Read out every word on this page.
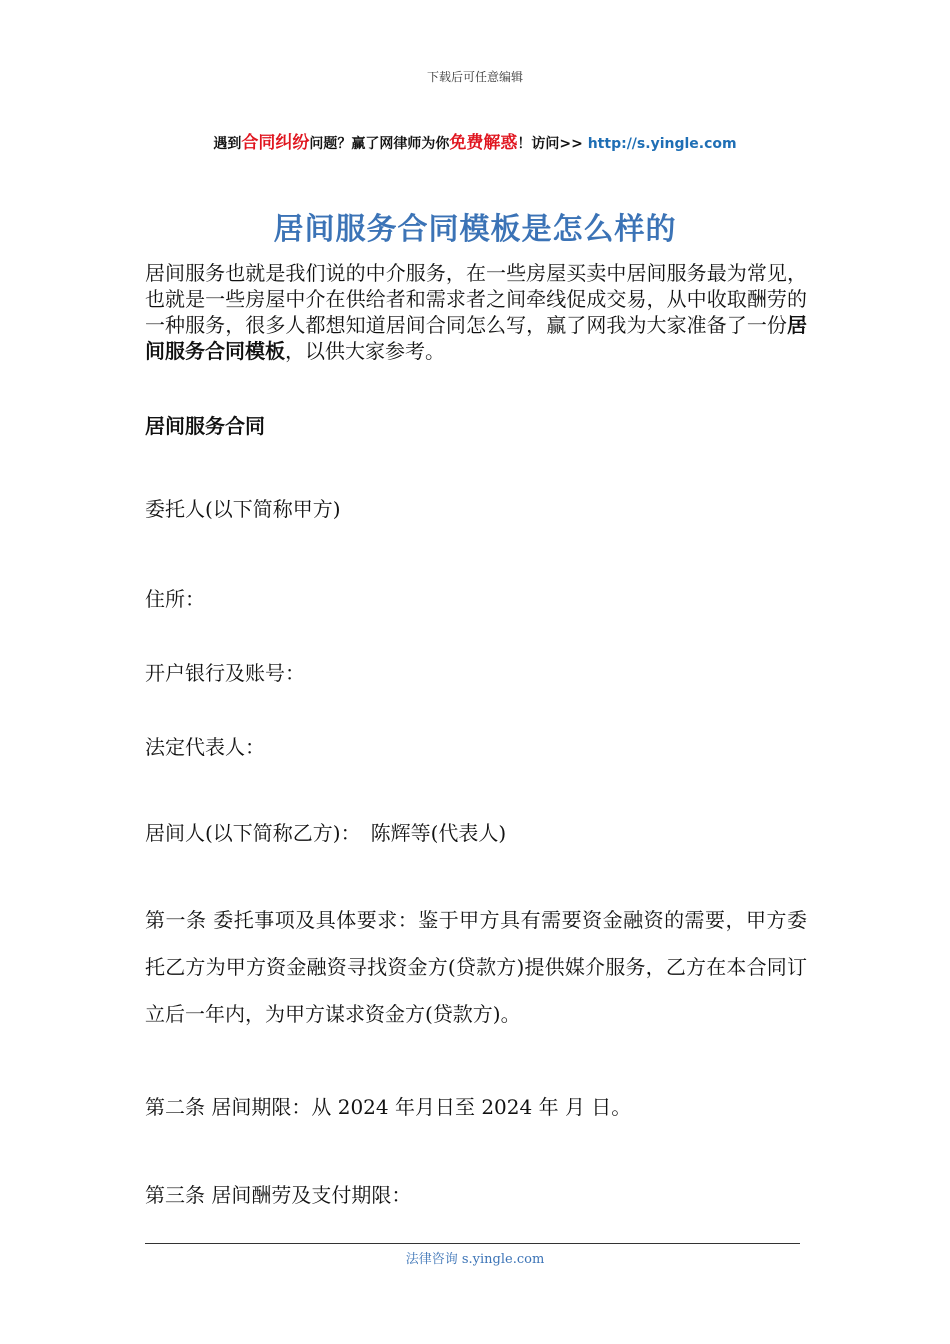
下载后可任意编辑
遇到合同纠纷问题？赢了网律师为你免费解惑！访问>> http://s.yingle.com
居间服务合同模板是怎么样的
居间服务也就是我们说的中介服务，在一些房屋买卖中居间服务最为常见，也就是一些房屋中介在供给者和需求者之间牵线促成交易，从中收取酬劳的一种服务，很多人都想知道居间合同怎么写，赢了网我为大家准备了一份居间服务合同模板，以供大家参考。
居间服务合同
委托人(以下简称甲方)
住所：
开户银行及账号：
法定代表人：
居间人(以下简称乙方)：　陈辉等(代表人)
第一条 委托事项及具体要求：鉴于甲方具有需要资金融资的需要，甲方委托乙方为甲方资金融资寻找资金方(贷款方)提供媒介服务，乙方在本合同订立后一年内，为甲方谋求资金方(贷款方)。
第二条 居间期限：从 2024 年月日至 2024 年 月 日。
第三条 居间酬劳及支付期限：
法律咨询 s.yingle.com
